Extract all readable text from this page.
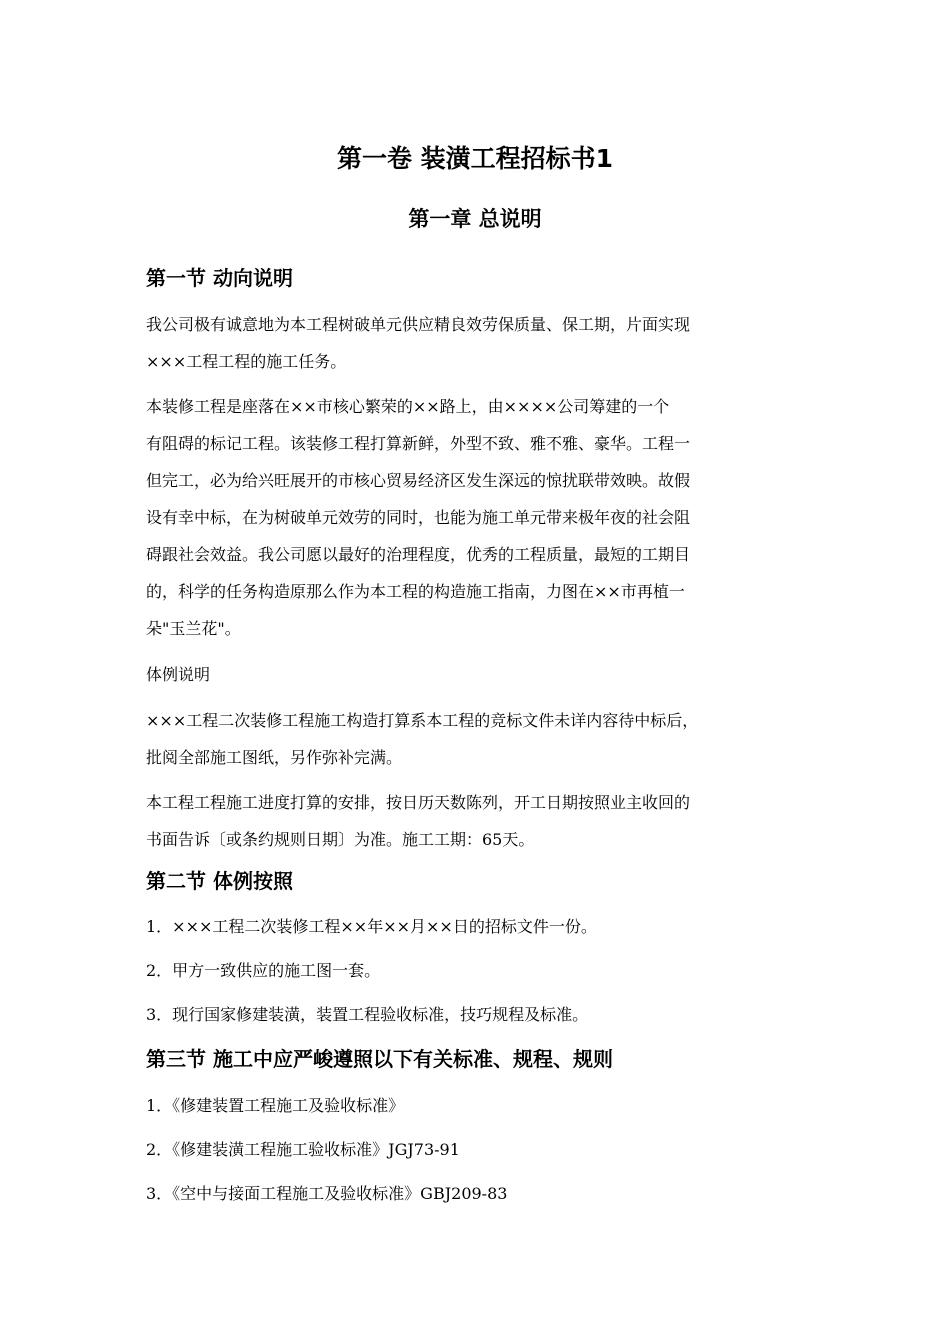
第一卷 装潢工程招标书1
第一章 总说明
第一节 动向说明

我公司极有诚意地为本工程树破单元供应精良效劳保质量、保工期，片面实现
×××工程工程的施工任务。

本装修工程是座落在××市核心繁荣的××路上，由××××公司筹建的一个
有阻碍的标记工程。该装修工程打算新鲜，外型不致、雅不雅、豪华。工程一
但完工，必为给兴旺展开的市核心贸易经济区发生深远的惊扰联带效映。故假
设有幸中标，在为树破单元效劳的同时，也能为施工单元带来极年夜的社会阻
碍跟社会效益。我公司愿以最好的治理程度，优秀的工程质量，最短的工期目
的，科学的任务构造原那么作为本工程的构造施工指南，力图在××市再植一
朵"玉兰花"。

体例说明

×××工程二次装修工程施工构造打算系本工程的竞标文件未详内容待中标后，
批阅全部施工图纸，另作弥补完满。

本工程工程施工进度打算的安排，按日历天数陈列，开工日期按照业主收回的
书面告诉〔或条约规则日期〕为准。施工工期：65天。

第二节 体例按照
1．×××工程二次装修工程××年××月××日的招标文件一份。
2．甲方一致供应的施工图一套。
3．现行国家修建装潢，装置工程验收标准，技巧规程及标准。
第三节 施工中应严峻遵照以下有关标准、规程、规则
1．《修建装置工程施工及验收标准》
2．《修建装潢工程施工验收标准》JGJ73-91
3．《空中与接面工程施工及验收标准》GBJ209-83
